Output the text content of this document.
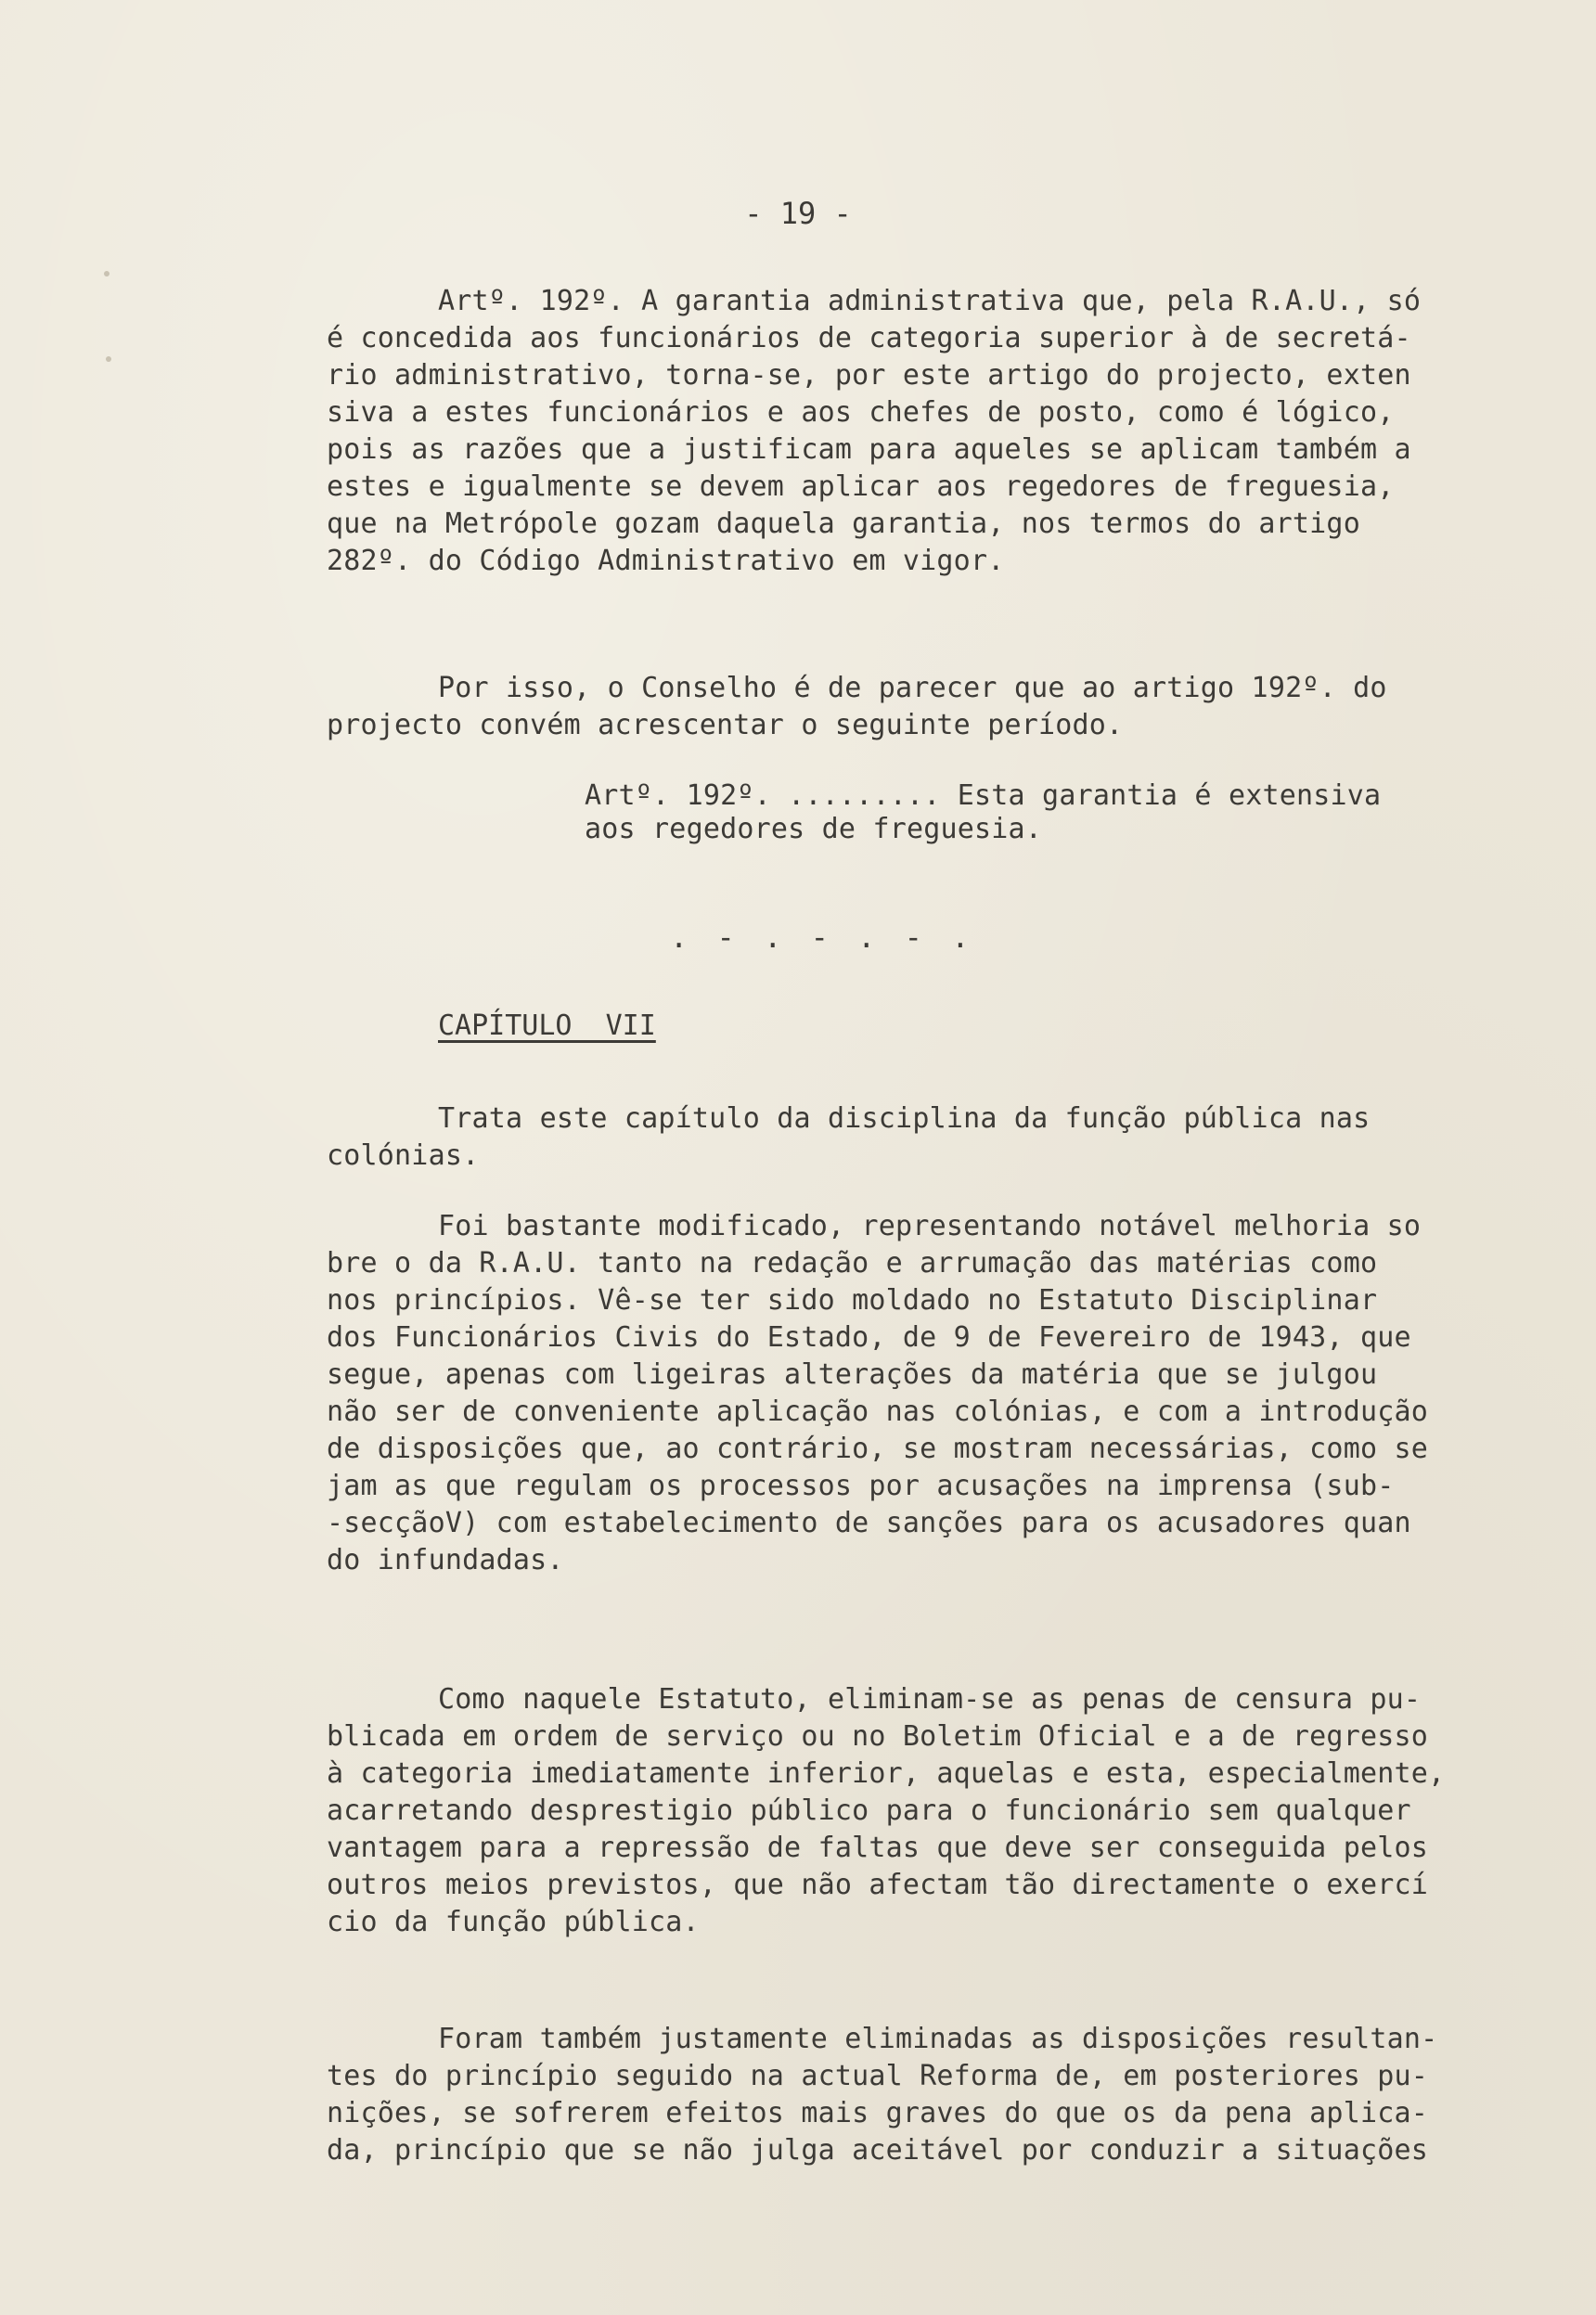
- 19 -
Artº. 192º. A garantia administrativa que, pela R.A.U., só
é concedida aos funcionários de categoria superior à de secretá-
rio administrativo, torna-se, por este artigo do projecto, exten
siva a estes funcionários e aos chefes de posto, como é lógico,
pois as razões que a justificam para aqueles se aplicam também a
estes e igualmente se devem aplicar aos regedores de freguesia,
que na Metrópole gozam daquela garantia, nos termos do artigo
282º. do Código Administrativo em vigor.
Por isso, o Conselho é de parecer que ao artigo 192º. do
projecto convém acrescentar o seguinte período.
Artº. 192º. ......... Esta garantia é extensiva
aos regedores de freguesia.
. - . - . - .
CAPÍTULO  VII
Trata este capítulo da disciplina da função pública nas
colónias.
Foi bastante modificado, representando notável melhoria so
bre o da R.A.U. tanto na redação e arrumação das matérias como
nos princípios. Vê-se ter sido moldado no Estatuto Disciplinar
dos Funcionários Civis do Estado, de 9 de Fevereiro de 1943, que
segue, apenas com ligeiras alterações da matéria que se julgou
não ser de conveniente aplicação nas colónias, e com a introdução
de disposições que, ao contrário, se mostram necessárias, como se
jam as que regulam os processos por acusações na imprensa (sub-
-secçãoV) com estabelecimento de sanções para os acusadores quan
do infundadas.
Como naquele Estatuto, eliminam-se as penas de censura pu-
blicada em ordem de serviço ou no Boletim Oficial e a de regresso
à categoria imediatamente inferior, aquelas e esta, especialmente,
acarretando desprestigio público para o funcionário sem qualquer
vantagem para a repressão de faltas que deve ser conseguida pelos
outros meios previstos, que não afectam tão directamente o exercí
cio da função pública.
Foram também justamente eliminadas as disposições resultan-
tes do princípio seguido na actual Reforma de, em posteriores pu-
nições, se sofrerem efeitos mais graves do que os da pena aplica-
da, princípio que se não julga aceitável por conduzir a situações
